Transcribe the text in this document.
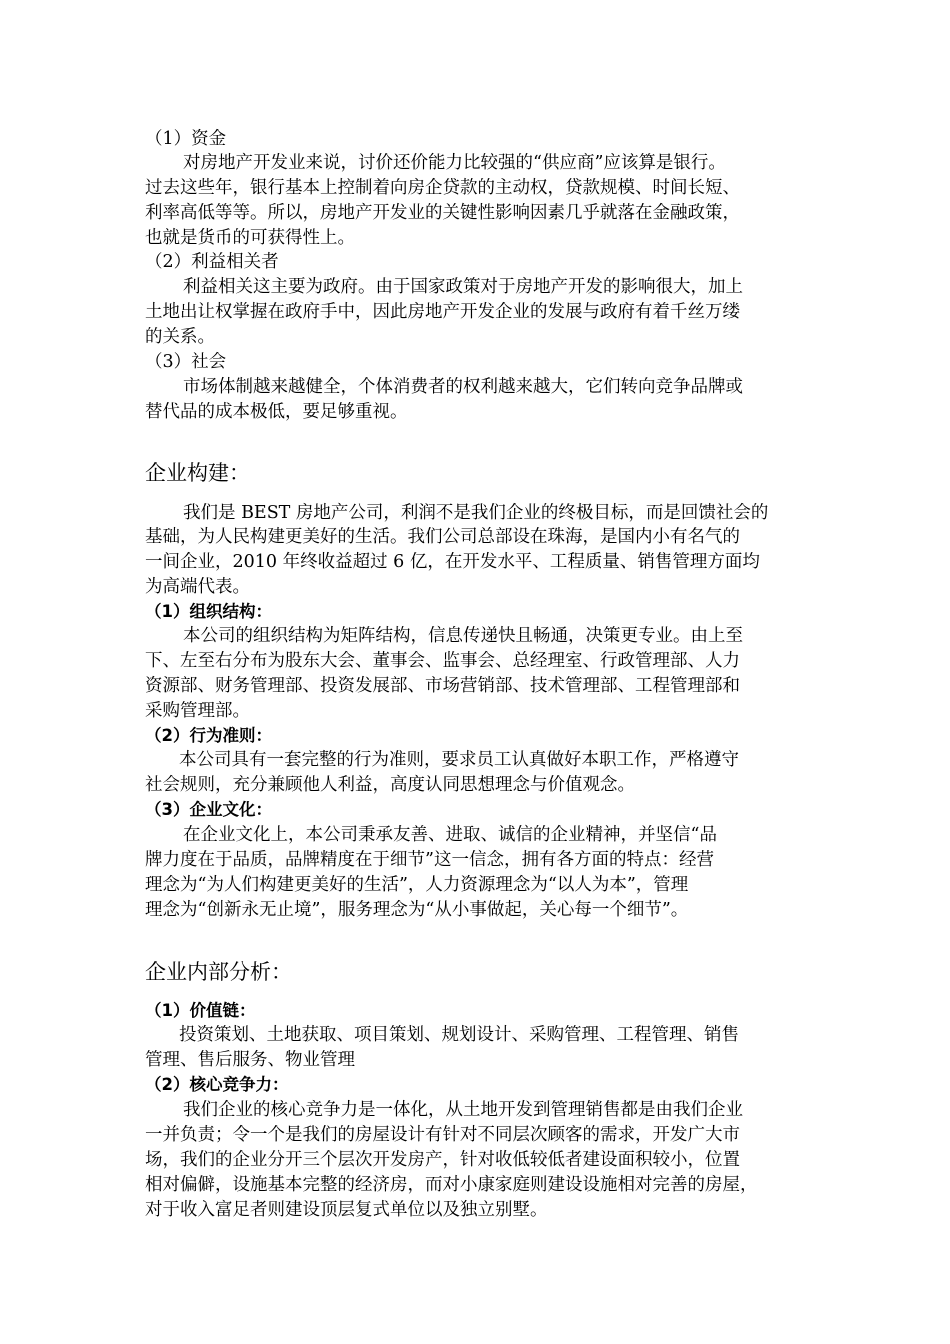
（1）资金
对房地产开发业来说，讨价还价能力比较强的“供应商”应该算是银行。
过去这些年，银行基本上控制着向房企贷款的主动权，贷款规模、时间长短、
利率高低等等。所以，房地产开发业的关键性影响因素几乎就落在金融政策，
也就是货币的可获得性上。
（2）利益相关者
利益相关这主要为政府。由于国家政策对于房地产开发的影响很大，加上
土地出让权掌握在政府手中，因此房地产开发企业的发展与政府有着千丝万缕
的关系。
（3）社会
市场体制越来越健全，个体消费者的权利越来越大，它们转向竞争品牌或
替代品的成本极低，要足够重视。
企业构建：
我们是 BEST 房地产公司，利润不是我们企业的终极目标，而是回馈社会的
基础，为人民构建更美好的生活。我们公司总部设在珠海，是国内小有名气的
一间企业，2010 年终收益超过 6 亿，在开发水平、工程质量、销售管理方面均
为高端代表。
（1）组织结构：
本公司的组织结构为矩阵结构，信息传递快且畅通，决策更专业。由上至
下、左至右分布为股东大会、董事会、监事会、总经理室、行政管理部、人力
资源部、财务管理部、投资发展部、市场营销部、技术管理部、工程管理部和
采购管理部。
（2）行为准则：
本公司具有一套完整的行为准则，要求员工认真做好本职工作，严格遵守
社会规则，充分兼顾他人利益，高度认同思想理念与价值观念。
（3）企业文化：
在企业文化上，本公司秉承友善、进取、诚信的企业精神，并坚信“品
牌力度在于品质，品牌精度在于细节”这一信念，拥有各方面的特点：经营
理念为“为人们构建更美好的生活”，人力资源理念为“以人为本”，管理
理念为“创新永无止境”，服务理念为“从小事做起，关心每一个细节”。
企业内部分析：
（1）价值链：
投资策划、土地获取、项目策划、规划设计、采购管理、工程管理、销售
管理、售后服务、物业管理
（2）核心竞争力：
我们企业的核心竞争力是一体化，从土地开发到管理销售都是由我们企业
一并负责；令一个是我们的房屋设计有针对不同层次顾客的需求，开发广大市
场，我们的企业分开三个层次开发房产，针对收低较低者建设面积较小，位置
相对偏僻，设施基本完整的经济房，而对小康家庭则建设设施相对完善的房屋，
对于收入富足者则建设顶层复式单位以及独立别墅。
